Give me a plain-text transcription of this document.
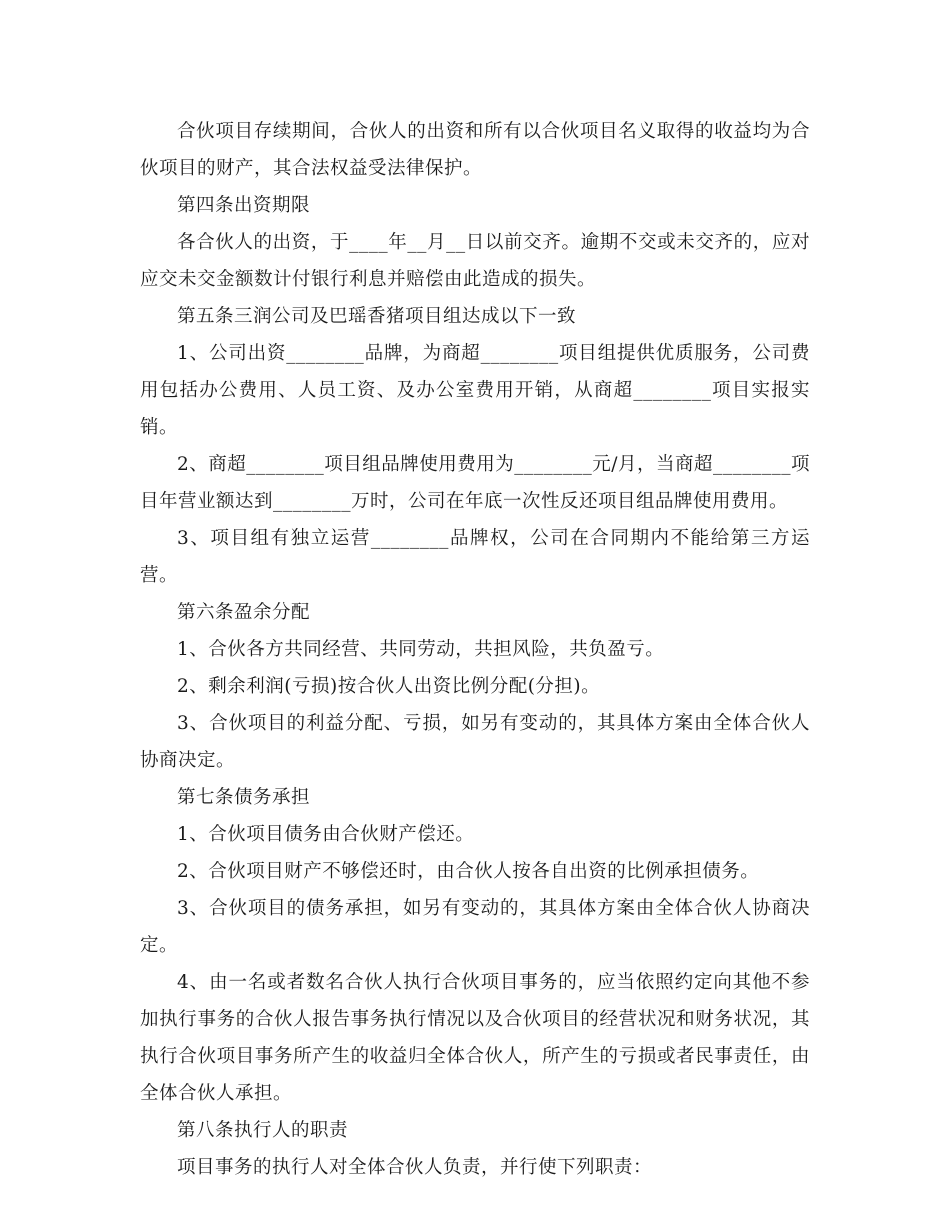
合伙项目存续期间，合伙人的出资和所有以合伙项目名义取得的收益均为合伙项目的财产，其合法权益受法律保护。

第四条出资期限

各合伙人的出资，于____年__月__日以前交齐。逾期不交或未交齐的，应对应交未交金额数计付银行利息并赔偿由此造成的损失。

第五条三润公司及巴瑶香猪项目组达成以下一致

1、公司出资________品牌，为商超________项目组提供优质服务，公司费用包括办公费用、人员工资、及办公室费用开销，从商超________项目实报实销。

2、商超________项目组品牌使用费用为________元/月，当商超________项目年营业额达到________万时，公司在年底一次性反还项目组品牌使用费用。

3、项目组有独立运营________品牌权，公司在合同期内不能给第三方运营。

第六条盈余分配

1、合伙各方共同经营、共同劳动，共担风险，共负盈亏。

2、剩余利润(亏损)按合伙人出资比例分配(分担)。

3、合伙项目的利益分配、亏损，如另有变动的，其具体方案由全体合伙人协商决定。

第七条债务承担

1、合伙项目债务由合伙财产偿还。

2、合伙项目财产不够偿还时，由合伙人按各自出资的比例承担债务。

3、合伙项目的债务承担，如另有变动的，其具体方案由全体合伙人协商决定。

4、由一名或者数名合伙人执行合伙项目事务的，应当依照约定向其他不参加执行事务的合伙人报告事务执行情况以及合伙项目的经营状况和财务状况，其执行合伙项目事务所产生的收益归全体合伙人，所产生的亏损或者民事责任，由全体合伙人承担。

第八条执行人的职责

项目事务的执行人对全体合伙人负责，并行使下列职责：
